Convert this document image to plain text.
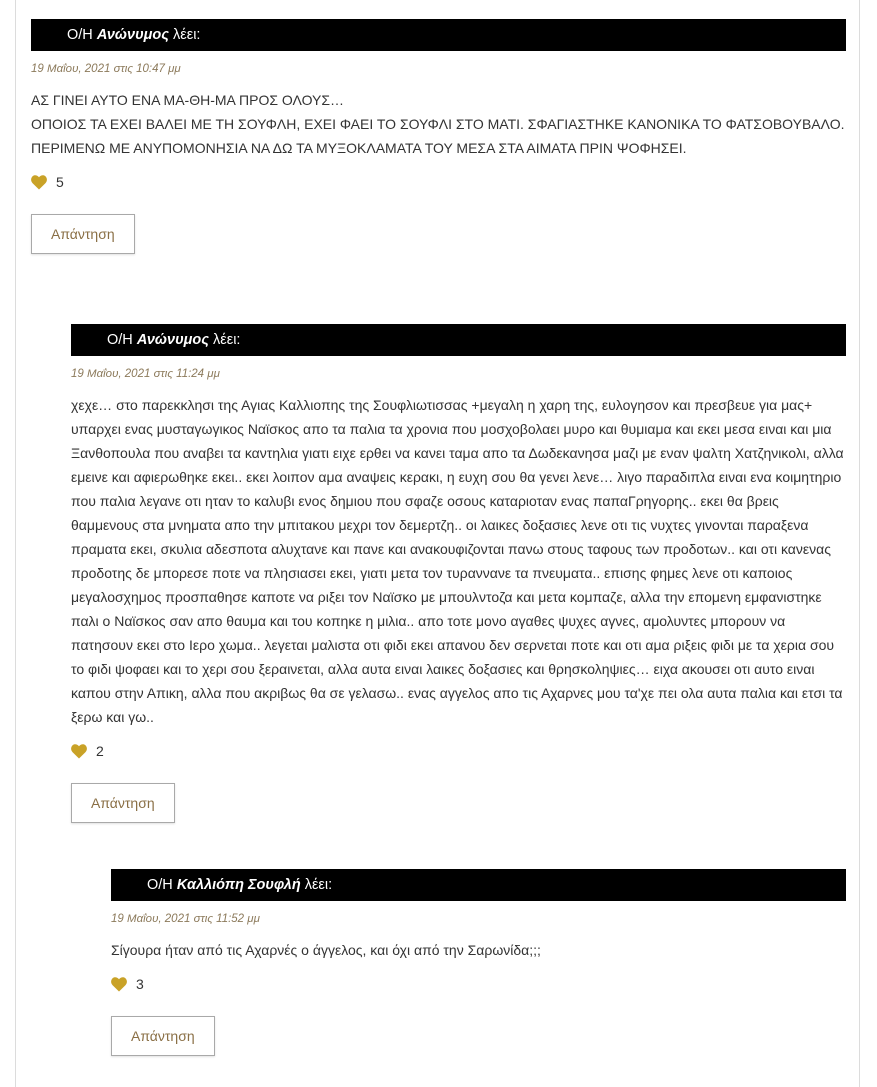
Ο/Η Ανώνυμος λέει:
19 Μαΐου, 2021 στις 10:47 μμ

ΑΣ ΓΙΝΕΙ ΑΥΤΟ ΕΝΑ ΜΑ-ΘΗ-ΜΑ ΠΡΟΣ ΟΛΟΥΣ…

ΟΠΟΙΟΣ ΤΑ ΕΧΕΙ ΒΑΛΕΙ ΜΕ ΤΗ ΣΟΥΦΛΗ, ΕΧΕΙ ΦΑΕΙ ΤΟ ΣΟΥΦΛΙ ΣΤΟ ΜΑΤΙ. ΣΦΑΓΙΑΣΤΗΚΕ ΚΑΝΟΝΙΚΑ ΤΟ ΦΑΤΣΟΒΟΥΒΑΛΟ.

ΠΕΡΙΜΕΝΩ ΜΕ ΑΝΥΠΟΜΟΝΗΣΙΑ ΝΑ ΔΩ ΤΑ ΜΥΞΟΚΛΑΜΑΤΑ ΤΟΥ ΜΕΣΑ ΣΤΑ ΑΙΜΑΤΑ ΠΡΙΝ ΨΟΦΗΣΕΙ.

5
Απάντηση
Ο/Η Ανώνυμος λέει:
19 Μαΐου, 2021 στις 11:24 μμ

χεχε… στο παρεκκλησι της Αγιας Καλλιοπης της Σουφλιωτισσας +μεγαλη η χαρη της, ευλογησον και πρεσβευε για μας+ υπαρχει ενας μυσταγωγικος Ναϊσκος απο τα παλια τα χρονια που μοσχοβολαει μυρο και θυμιαμα και εκει μεσα ειναι και μια Ξανθοπουλα που αναβει τα καντηλια γιατι ειχε ερθει να κανει ταμα απο τα Δωδεκανησα μαζι με εναν ψαλτη Χατζηνικολι, αλλα εμεινε και αφιερωθηκε εκει.. εκει λοιπον αμα αναψεις κερακι, η ευχη σου θα γενει λενε… λιγο παραδιπλα ειναι ενα κοιμητηριο που παλια λεγανε οτι ηταν το καλυβι ενος δημιου που σφαζε οσους καταριοταν ενας παπαΓρηγορης.. εκει θα βρεις θαμμενους στα μνηματα απο την μπιτακου μεχρι τον δεμερτζη.. οι λαικες δοξασιες λενε οτι τις νυχτες γινονται παραξενα πραματα εκει, σκυλια αδεσποτα αλυχτανε και πανε και ανακουφιζονται πανω στους ταφους των προδοτων.. και οτι κανενας προδοτης δε μπορεσε ποτε να πλησιασει εκει, γιατι μετα τον τυραννανε τα πνευματα.. επισης φημες λενε οτι καποιος μεγαλοσχημος προσπαθησε καποτε να ριξει τον Ναϊσκο με μπουλντοζα και μετα κομπαζε, αλλα την επομενη εμφανιστηκε παλι ο Ναϊσκος σαν απο θαυμα και του κοπηκε η μιλια.. απο τοτε μονο αγαθες ψυχες αγνες, αμολυντες μπορουν να πατησουν εκει στο Ιερο χωμα.. λεγεται μαλιστα οτι φιδι εκει απανου δεν σερνεται ποτε και οτι αμα ριξεις φιδι με τα χερια σου το φιδι ψοφαει και το χερι σου ξεραινεται, αλλα αυτα ειναι λαικες δοξασιες και θρησκοληψιες… ειχα ακουσει οτι αυτο ειναι καπου στην Απικη, αλλα που ακριβως θα σε γελασω.. ενας αγγελος απο τις Αχαρνες μου τα'χε πει ολα αυτα παλια και ετσι τα ξερω και γω..

2
Απάντηση
Ο/Η Καλλιόπη Σουφλή λέει:
19 Μαΐου, 2021 στις 11:52 μμ

Σίγουρα ήταν από τις Αχαρνές ο άγγελος, και όχι από την Σαρωνίδα;;;

3
Απάντηση
